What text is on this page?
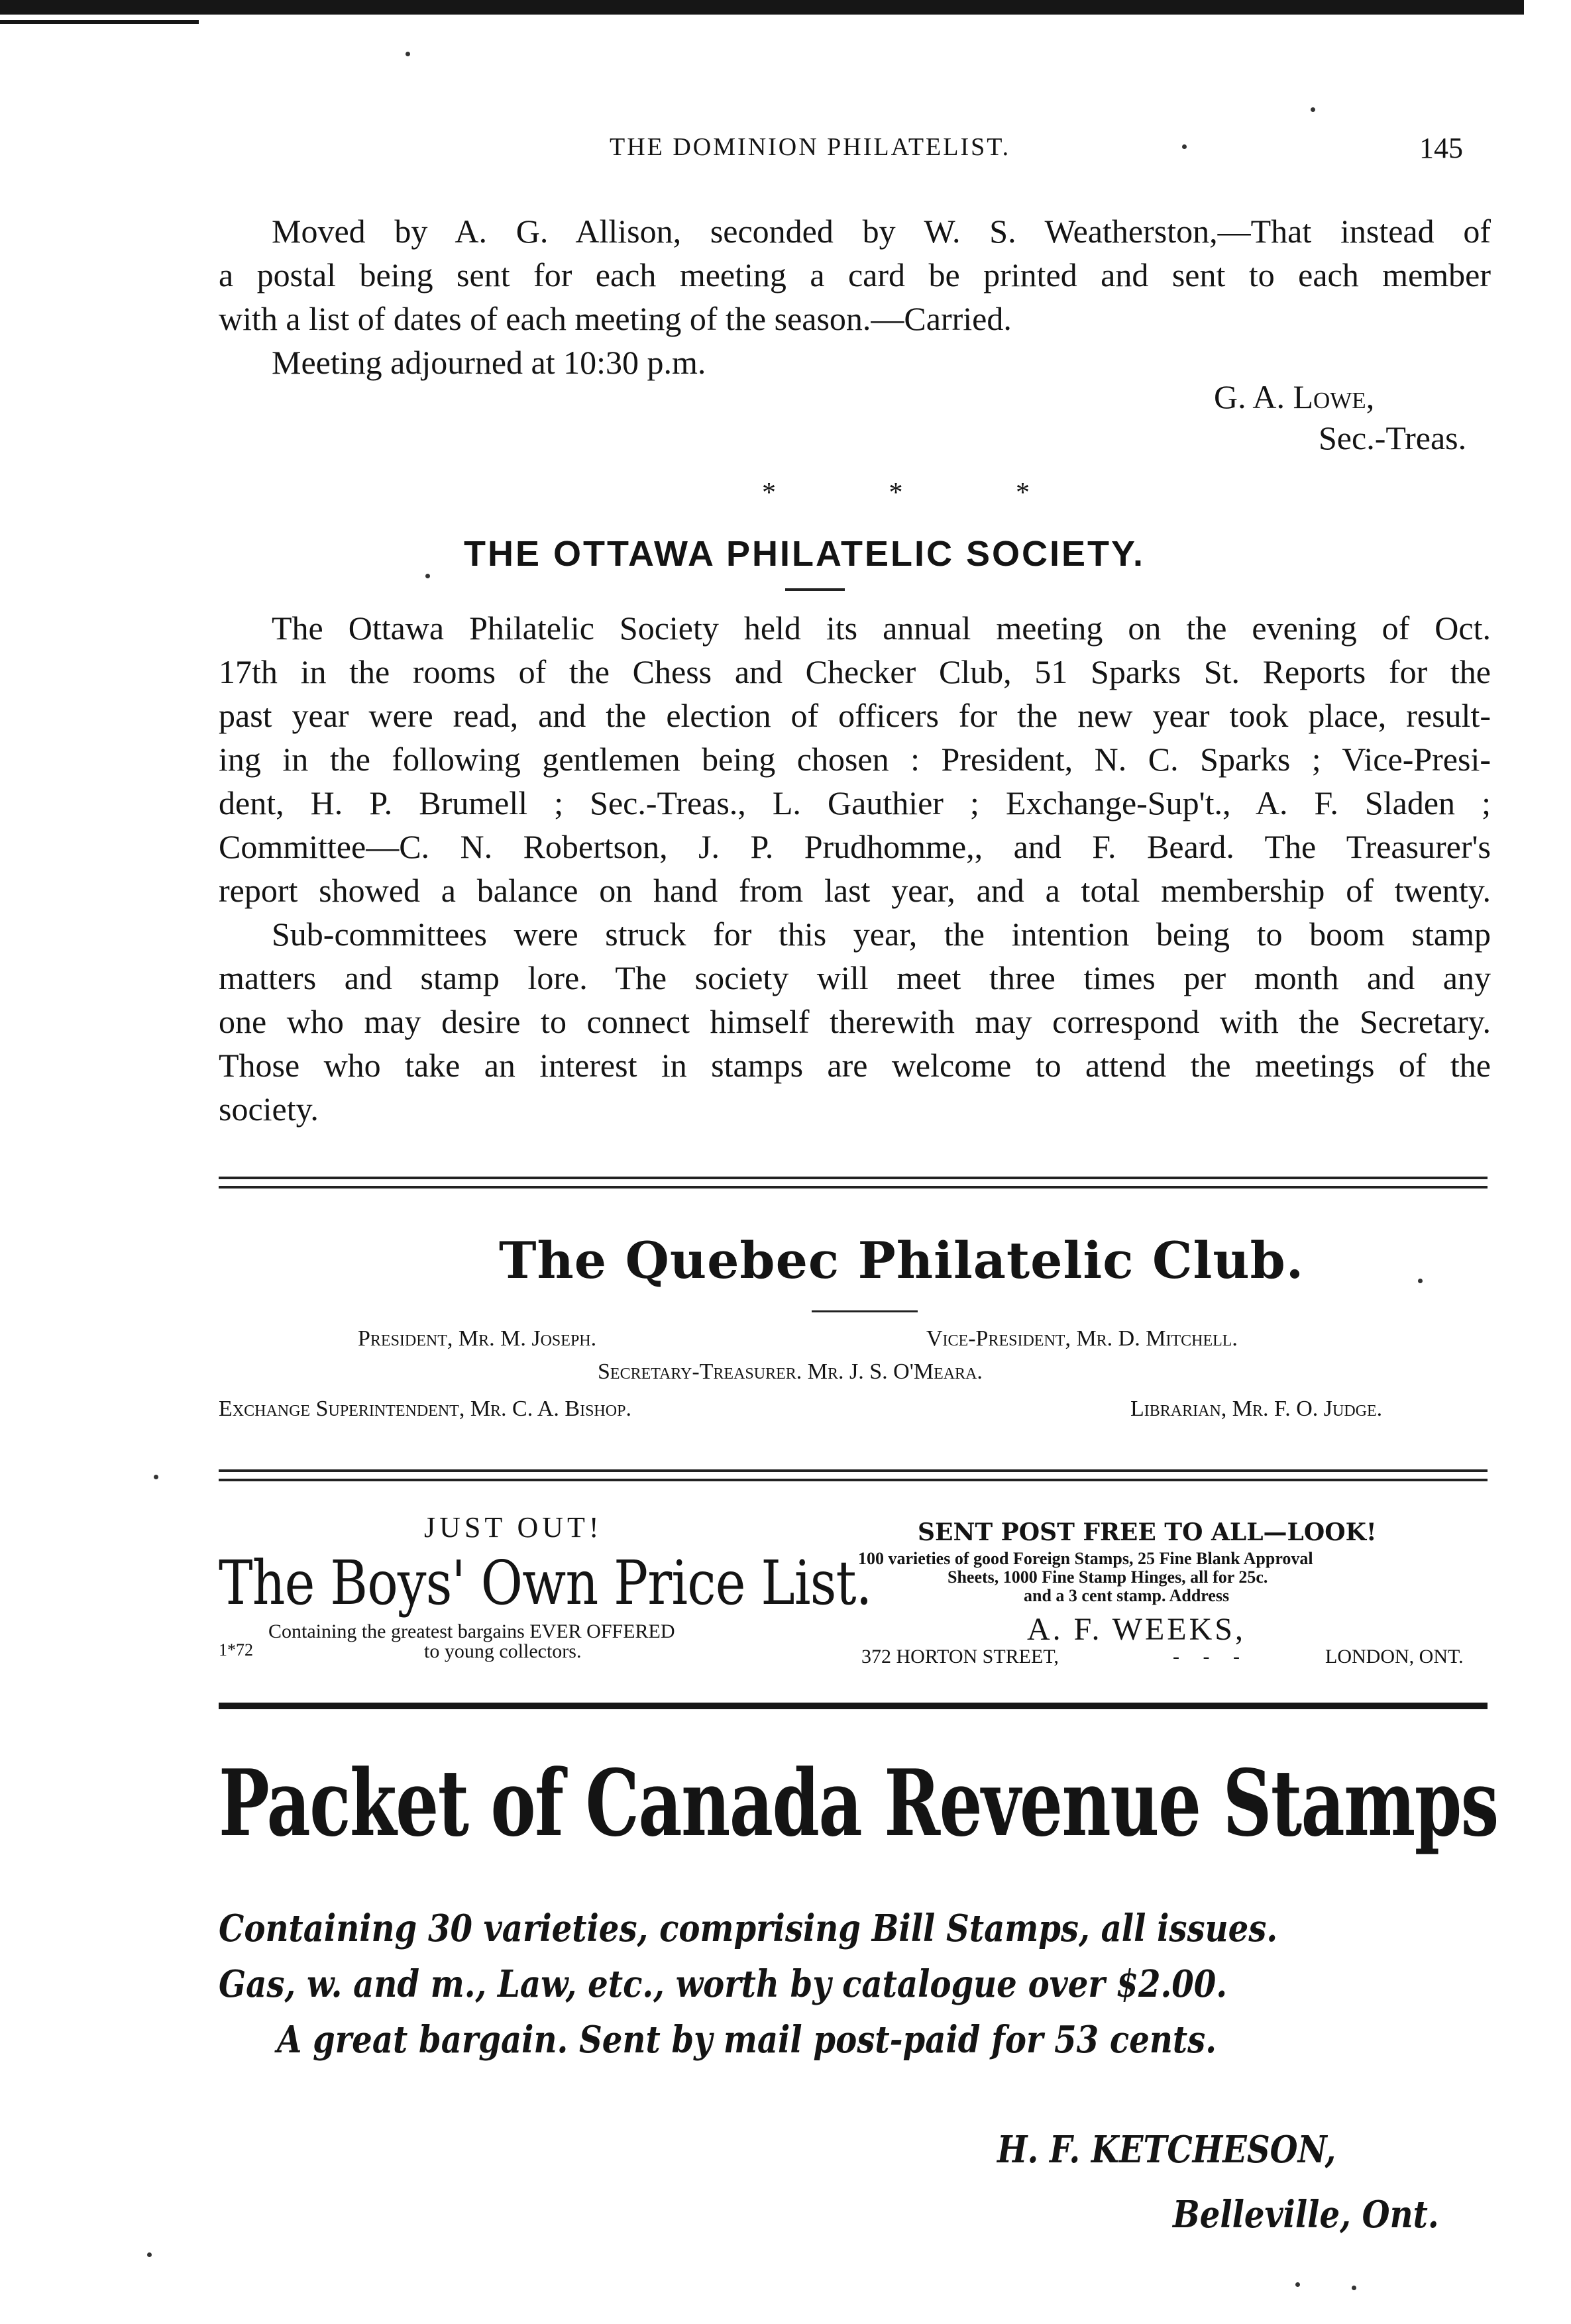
THE DOMINION PHILATELIST.	145
Moved by A. G. Allison, seconded by W. S. Weatherston,—That instead of
a postal being sent for each meeting a card be printed and sent to each member
with a list of dates of each meeting of the season.—Carried.
Meeting adjourned at 10:30 p.m.
G. A. Lowe,
Sec.-Treas.
* * *
THE OTTAWA PHILATELIC SOCIETY.
The Ottawa Philatelic Society held its annual meeting on the evening of Oct.
17th in the rooms of the Chess and Checker Club, 51 Sparks St. Reports for the
past year were read, and the election of officers for the new year took place, result-
ing in the following gentlemen being chosen : President, N. C. Sparks ; Vice-Presi-
dent, H. P. Brumell ; Sec.-Treas., L. Gauthier ; Exchange-Sup't., A. F. Sladen ;
Committee—C. N. Robertson, J. P. Prudhomme,, and F. Beard. The Treasurer's
report showed a balance on hand from last year, and a total membership of twenty.
Sub-committees were struck for this year, the intention being to boom stamp
matters and stamp lore. The society will meet three times per month and any
one who may desire to connect himself therewith may correspond with the Secretary.
Those who take an interest in stamps are welcome to attend the meetings of the
society.
The Quebec Philatelic Club.
President, Mr. M. Joseph.	Vice-President, Mr. D. Mitchell.
Secretary-Treasurer. Mr. J. S. O'Meara.
Exchange Superintendent, Mr. C. A. Bishop.	Librarian, Mr. F. O. Judge.
JUST OUT!
The Boys' Own Price List.
Containing the greatest bargains EVER OFFERED
1*72	to young collectors.
SENT POST FREE TO ALL—LOOK!
100 varieties of good Foreign Stamps, 25 Fine Blank Approval
Sheets, 1000 Fine Stamp Hinges, all for 25c.
and a 3 cent stamp. Address
A. F. WEEKS,
372 HORTON STREET,	- - -	LONDON, ONT.
Packet of Canada Revenue Stamps
Containing 30 varieties, comprising Bill Stamps, all issues.
Gas, w. and m., Law, etc., worth by catalogue over $2.00.
A great bargain. Sent by mail post-paid for 53 cents.
H. F. KETCHESON,
Belleville, Ont.
